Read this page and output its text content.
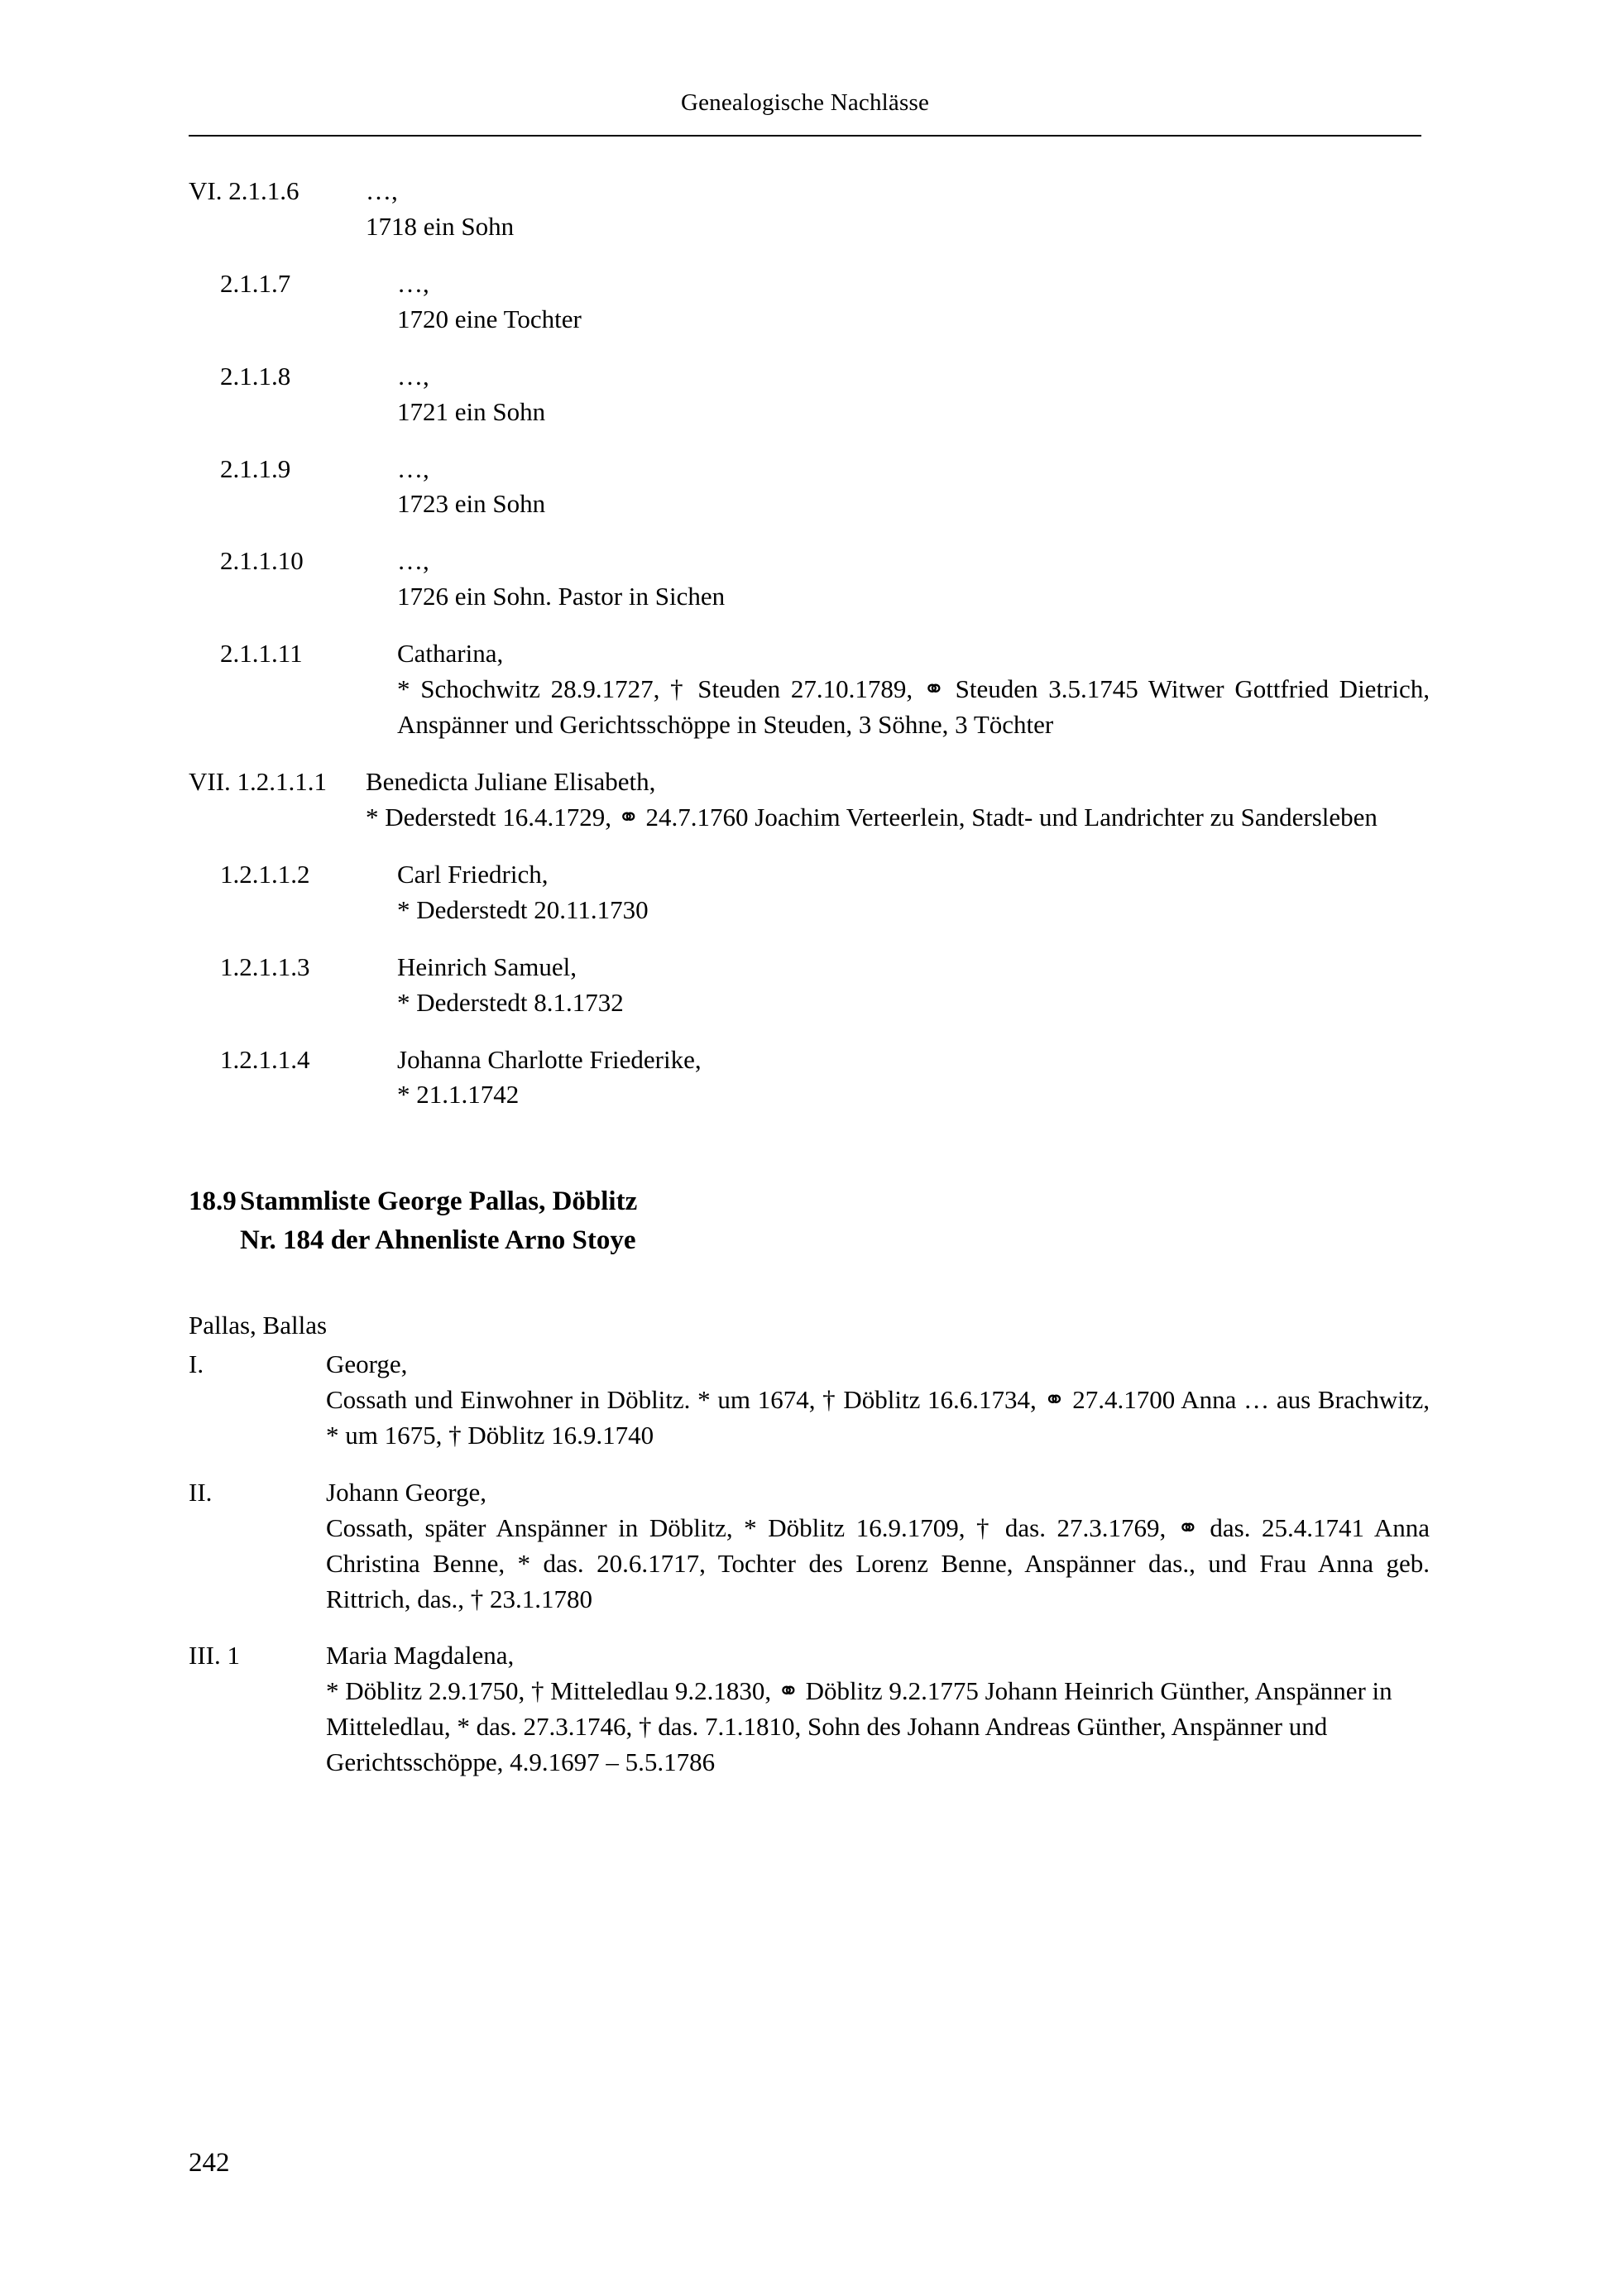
Genealogische Nachlässe
VI. 2.1.1.6	…,
1718 ein Sohn
2.1.1.7	…,
1720 eine Tochter
2.1.1.8	…,
1721 ein Sohn
2.1.1.9	…,
1723 ein Sohn
2.1.1.10	…,
1726 ein Sohn. Pastor in Sichen
2.1.1.11	Catharina,
* Schochwitz 28.9.1727, † Steuden 27.10.1789, ⚭ Steuden 3.5.1745 Witwer Gottfried Dietrich, Anspänner und Gerichtsschöppe in Steuden, 3 Söhne, 3 Töchter
VII. 1.2.1.1.1	Benedicta Juliane Elisabeth,
* Dederstedt 16.4.1729, ⚭ 24.7.1760 Joachim Verteerlein, Stadt- und Landrichter zu Sandersleben
1.2.1.1.2	Carl Friedrich,
* Dederstedt 20.11.1730
1.2.1.1.3	Heinrich Samuel,
* Dederstedt 8.1.1732
1.2.1.1.4	Johanna Charlotte Friederike,
* 21.1.1742
18.9 Stammliste George Pallas, Döblitz
Nr. 184 der Ahnenliste Arno Stoye
Pallas, Ballas
I.	George,
Cossath und Einwohner in Döblitz. * um 1674, † Döblitz 16.6.1734, ⚭ 27.4.1700 Anna … aus Brachwitz, * um 1675, † Döblitz 16.9.1740
II.	Johann George,
Cossath, später Anspänner in Döblitz, * Döblitz 16.9.1709, † das. 27.3.1769, ⚭ das. 25.4.1741 Anna Christina Benne, * das. 20.6.1717, Tochter des Lorenz Benne, Anspänner das., und Frau Anna geb. Rittrich, das., † 23.1.1780
III. 1	Maria Magdalena,
* Döblitz 2.9.1750, † Mitteledlau 9.2.1830, ⚭ Döblitz 9.2.1775 Johann Heinrich Günther, Anspänner in Mitteledlau, * das. 27.3.1746, † das. 7.1.1810, Sohn des Johann Andreas Günther, Anspänner und Gerichtsschöppe, 4.9.1697 – 5.5.1786
242
